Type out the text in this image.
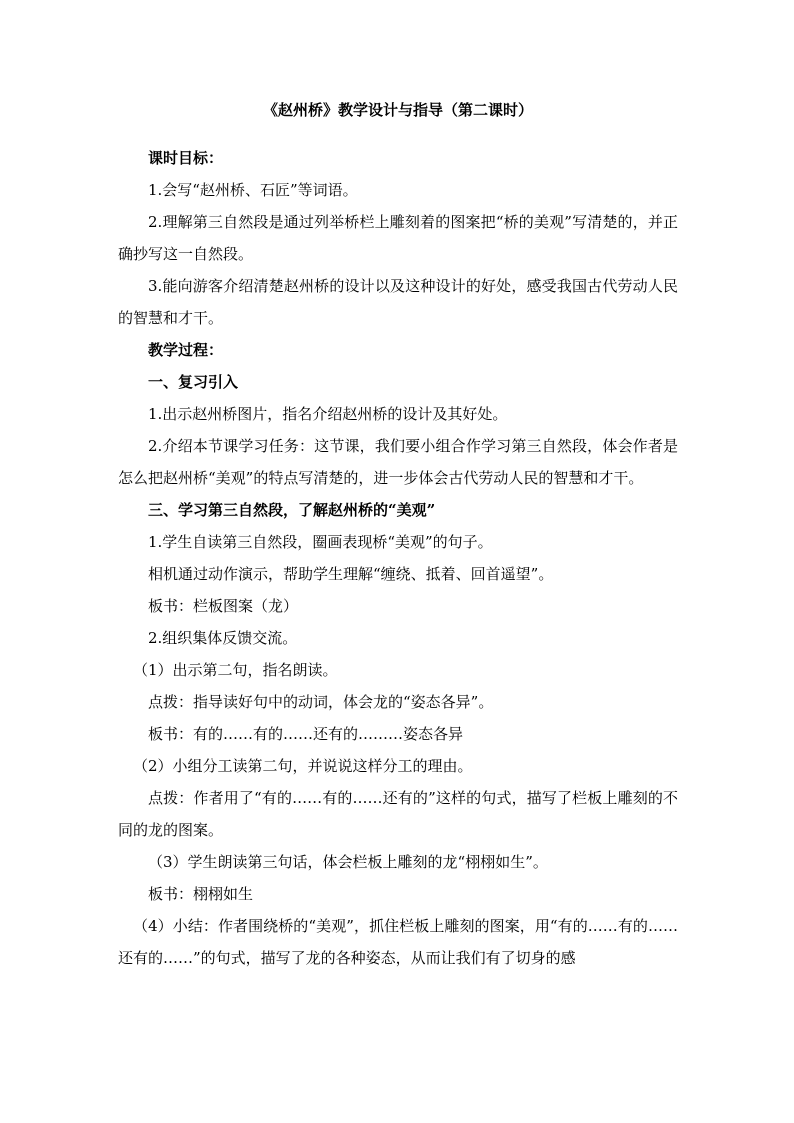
《赵州桥》教学设计与指导（第二课时）

课时目标：

1.会写“赵州桥、石匠”等词语。

2.理解第三自然段是通过列举桥栏上雕刻着的图案把“桥的美观”写清楚的，并正确抄写这一自然段。

3.能向游客介绍清楚赵州桥的设计以及这种设计的好处，感受我国古代劳动人民的智慧和才干。

教学过程：

一、复习引入

1.出示赵州桥图片，指名介绍赵州桥的设计及其好处。

2.介绍本节课学习任务：这节课，我们要小组合作学习第三自然段，体会作者是怎么把赵州桥“美观”的特点写清楚的，进一步体会古代劳动人民的智慧和才干。

三、学习第三自然段，了解赵州桥的“美观”

1.学生自读第三自然段，圈画表现桥“美观”的句子。

相机通过动作演示，帮助学生理解“缠绕、抵着、回首遥望”。

板书：栏板图案（龙）

2.组织集体反馈交流。

（1）出示第二句，指名朗读。

点拨：指导读好句中的动词，体会龙的“姿态各异”。

板书：有的……有的……还有的………姿态各异

（2）小组分工读第二句，并说说这样分工的理由。

点拨：作者用了“有的……有的……还有的”这样的句式，描写了栏板上雕刻的不同的龙的图案。

（3）学生朗读第三句话，体会栏板上雕刻的龙“栩栩如生”。

板书：栩栩如生

（4）小结：作者围绕桥的“美观”，抓住栏板上雕刻的图案，用“有的……有的……还有的……”的句式，描写了龙的各种姿态，从而让我们有了切身的感
